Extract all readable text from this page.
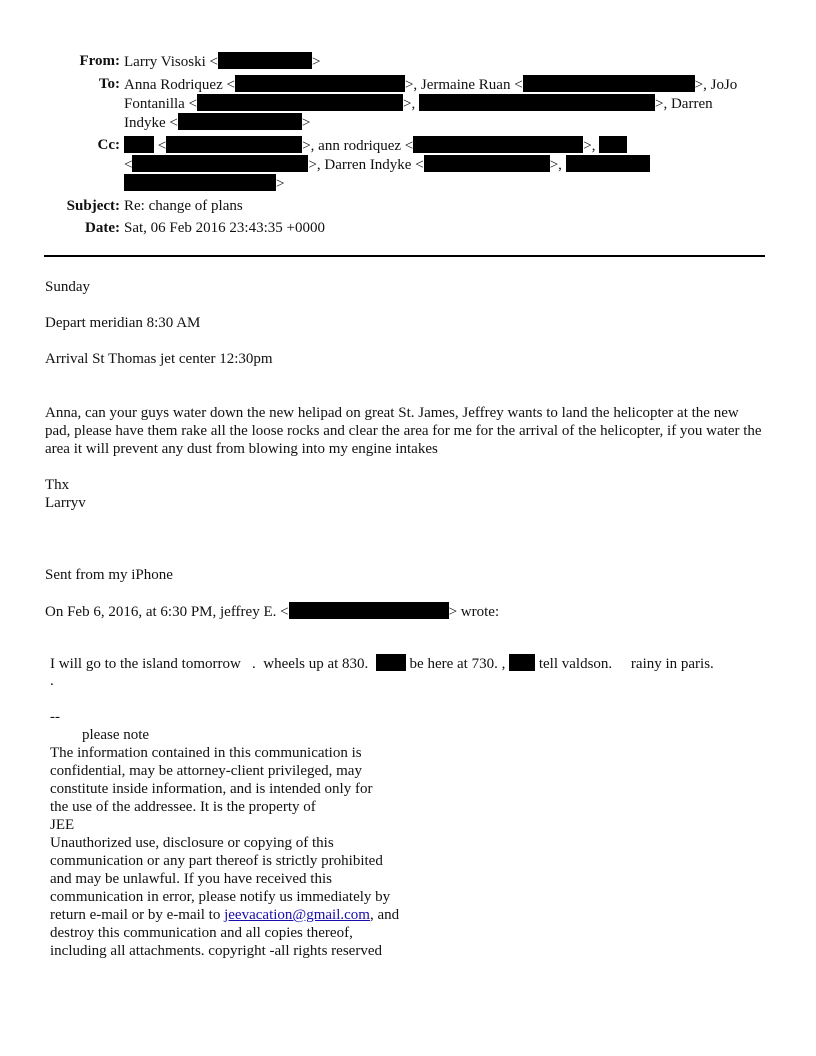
From: Larry Visoski <	>
To: Anna Rodriquez <	>, Jermaine Ruan <	>, JoJo
Fontanilla <	>,	>, Darren
Indyke <	>
Cc:	<	>, ann rodriquez <	>,
<	>, Darren Indyke <	>,
>
Subject: Re: change of plans
Date: Sat, 06 Feb 2016 23:43:35 +0000
Sunday
Depart meridian 8:30 AM
Arrival St Thomas jet center 12:30pm
Anna, can your guys water down the new helipad on great St. James, Jeffrey wants to land the helicopter at the new pad, please have them rake all the loose rocks and clear the area for me for the arrival of the helicopter, if you water the area it will prevent any dust from blowing into my engine intakes
Thx
Larryv
Sent from my iPhone
On Feb 6, 2016, at 6:30 PM, jeffrey E. <	> wrote:
I will go to the island tomorrow   .  wheels up at 830.   be here at 730. ,  tell valdson.     rainy in paris.
.
--
please note
The information contained in this communication is
confidential, may be attorney-client privileged, may
constitute inside information, and is intended only for
the use of the addressee. It is the property of
JEE
Unauthorized use, disclosure or copying of this
communication or any part thereof is strictly prohibited
and may be unlawful. If you have received this
communication in error, please notify us immediately by
return e-mail or by e-mail to jeevacation@gmail.com, and
destroy this communication and all copies thereof,
including all attachments. copyright -all rights reserved
